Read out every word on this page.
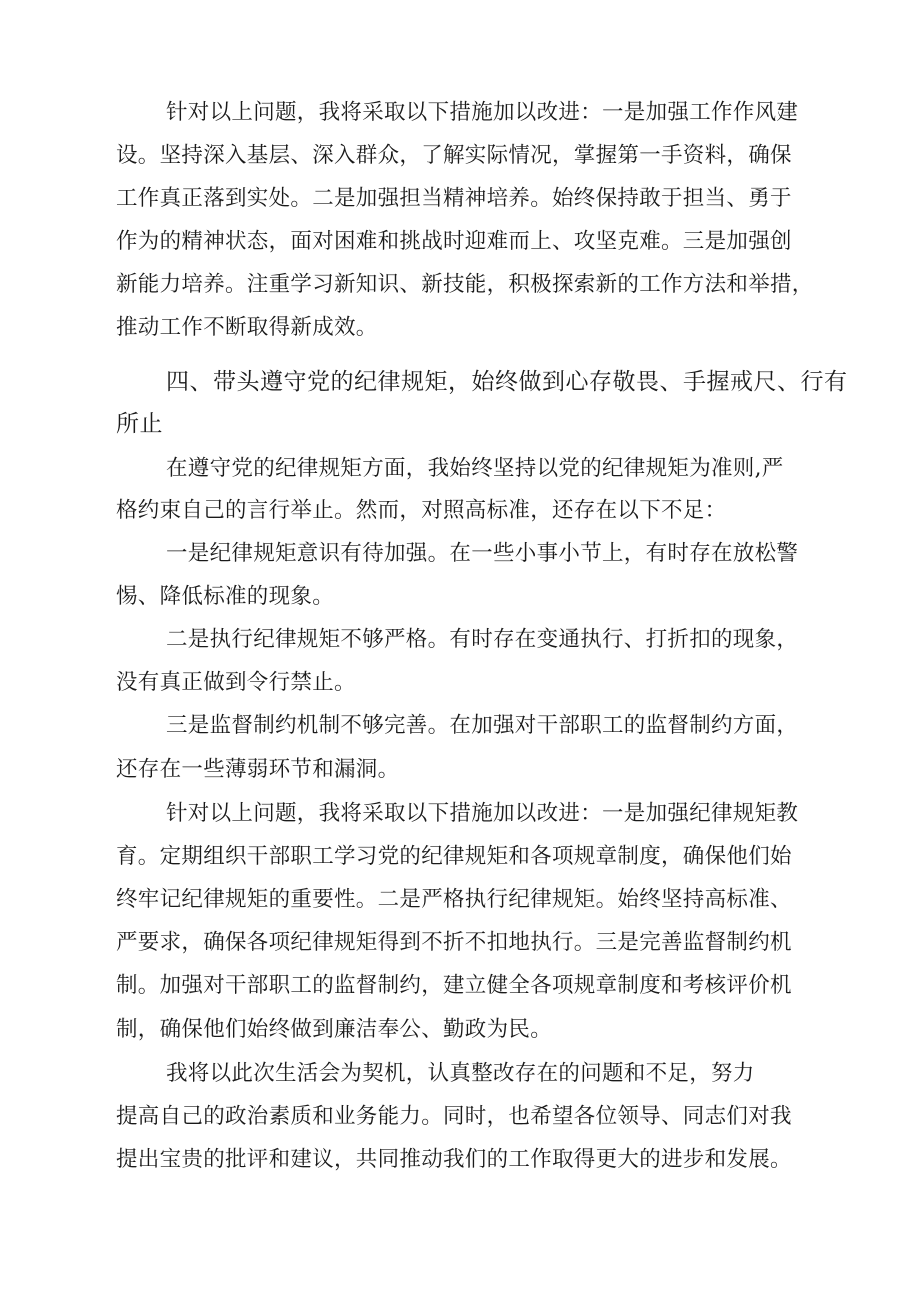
针对以上问题，我将采取以下措施加以改进：一是加强工作作风建
设。坚持深入基层、深入群众，了解实际情况，掌握第一手资料，确保
工作真正落到实处。二是加强担当精神培养。始终保持敢于担当、勇于
作为的精神状态，面对困难和挑战时迎难而上、攻坚克难。三是加强创
新能力培养。注重学习新知识、新技能，积极探索新的工作方法和举措，
推动工作不断取得新成效。
四、带头遵守党的纪律规矩，始终做到心存敬畏、手握戒尺、行有
所止
在遵守党的纪律规矩方面，我始终坚持以党的纪律规矩为准则,严
格约束自己的言行举止。然而，对照高标准，还存在以下不足：
一是纪律规矩意识有待加强。在一些小事小节上，有时存在放松警
惕、降低标准的现象。
二是执行纪律规矩不够严格。有时存在变通执行、打折扣的现象，
没有真正做到令行禁止。
三是监督制约机制不够完善。在加强对干部职工的监督制约方面，
还存在一些薄弱环节和漏洞。
针对以上问题，我将采取以下措施加以改进：一是加强纪律规矩教
育。定期组织干部职工学习党的纪律规矩和各项规章制度，确保他们始
终牢记纪律规矩的重要性。二是严格执行纪律规矩。始终坚持高标准、
严要求，确保各项纪律规矩得到不折不扣地执行。三是完善监督制约机
制。加强对干部职工的监督制约，建立健全各项规章制度和考核评价机
制，确保他们始终做到廉洁奉公、勤政为民。
我将以此次生活会为契机，认真整改存在的问题和不足，努力
提高自己的政治素质和业务能力。同时，也希望各位领导、同志们对我
提出宝贵的批评和建议，共同推动我们的工作取得更大的进步和发展。
